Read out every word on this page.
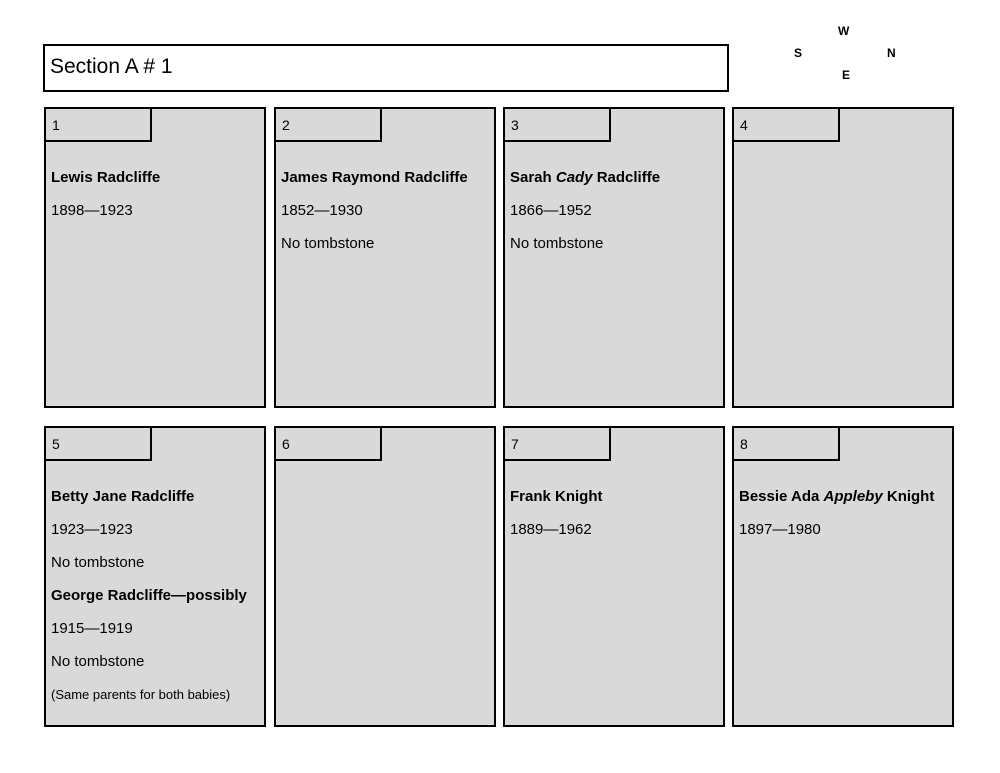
Section A # 1
W
S	N
E
1

Lewis Radcliffe

1898—1923

2

James Raymond Radcliffe

1852—1930

No tombstone

3

Sarah Cady Radcliffe

1866—1952

No tombstone

4
5

Betty Jane Radcliffe

1923—1923

No tombstone

George Radcliffe—possibly

1915—1919

No tombstone

(Same parents for both babies)

6	7

Frank Knight

1889—1962

8

Bessie Ada Appleby Knight

1897—1980
